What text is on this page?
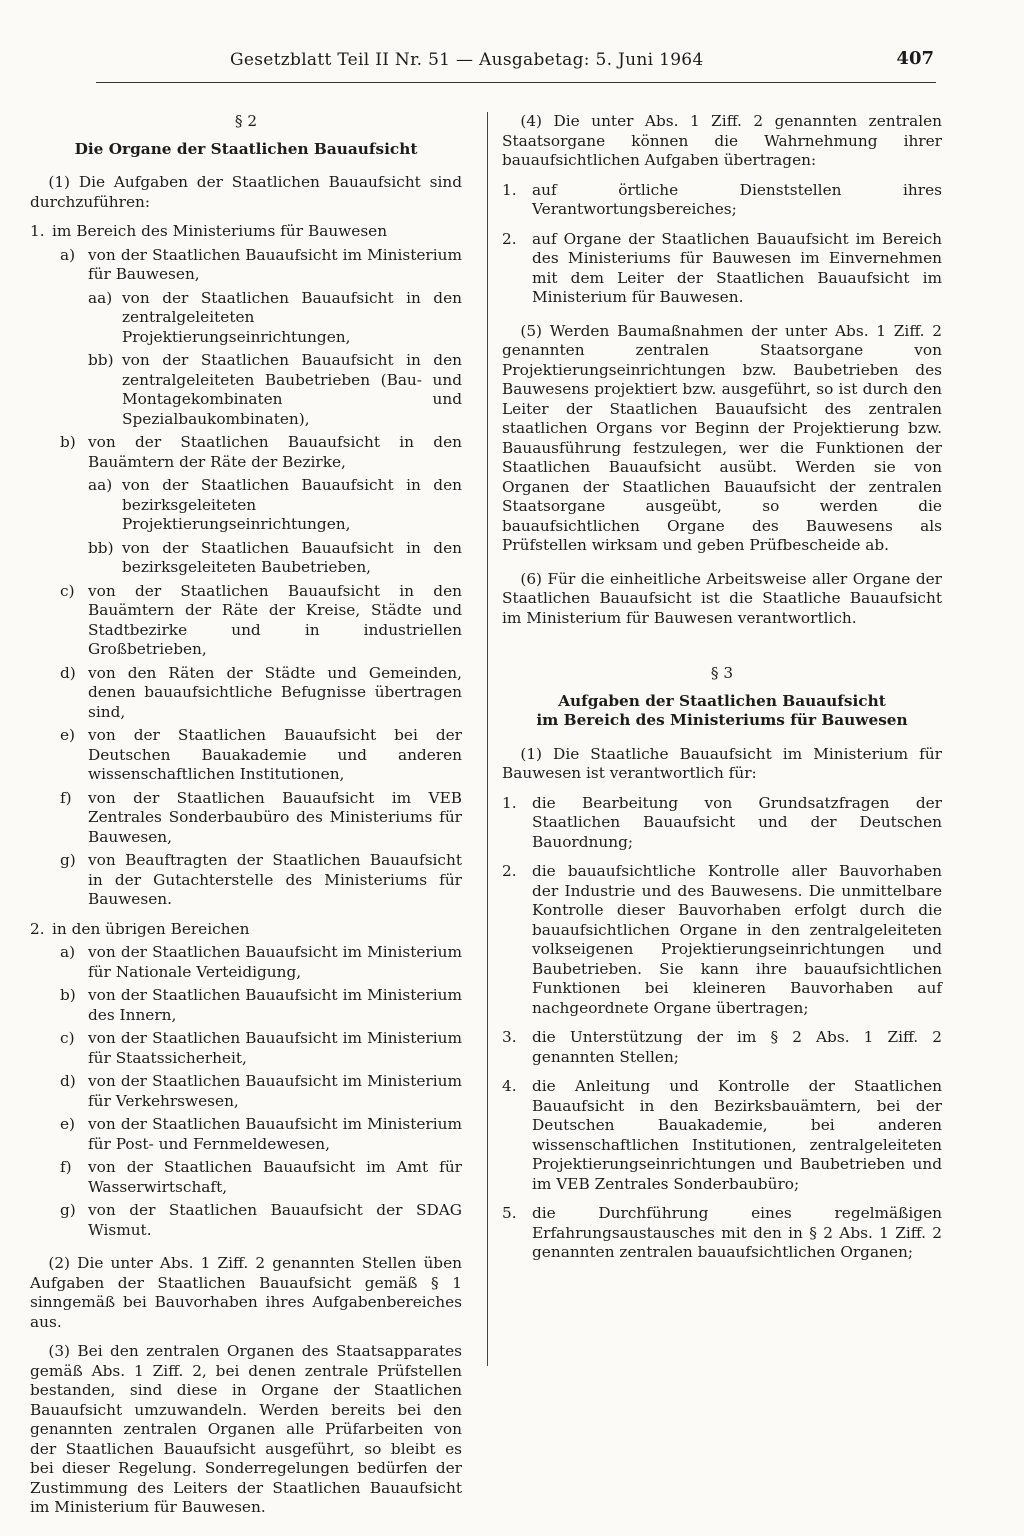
Gesetzblatt Teil II Nr. 51 — Ausgabetag: 5. Juni 1964	407

§ 2

Die Organe der Staatlichen Bauaufsicht

(1) Die Aufgaben der Staatlichen Bauaufsicht sind durchzuführen:

1. im Bereich des Ministeriums für Bauwesen
a) von der Staatlichen Bauaufsicht im Ministerium für Bauwesen,
aa) von der Staatlichen Bauaufsicht in den zentralgeleiteten Projektierungseinrichtungen,
bb) von der Staatlichen Bauaufsicht in den zentralgeleiteten Baubetrieben (Bau- und Montagekombinaten und Spezialbaukombinaten),
b) von der Staatlichen Bauaufsicht in den Bauämtern der Räte der Bezirke,
aa) von der Staatlichen Bauaufsicht in den bezirksgeleiteten Projektierungseinrichtungen,
bb) von der Staatlichen Bauaufsicht in den bezirksgeleiteten Baubetrieben,
c) von der Staatlichen Bauaufsicht in den Bauämtern der Räte der Kreise, Städte und Stadtbezirke und in industriellen Großbetrieben,
d) von den Räten der Städte und Gemeinden, denen bauaufsichtliche Befugnisse übertragen sind,
e) von der Staatlichen Bauaufsicht bei der Deutschen Bauakademie und anderen wissenschaftlichen Institutionen,
f) von der Staatlichen Bauaufsicht im VEB Zentrales Sonderbaubüro des Ministeriums für Bauwesen,
g) von Beauftragten der Staatlichen Bauaufsicht in der Gutachterstelle des Ministeriums für Bauwesen.
2. in den übrigen Bereichen
a) von der Staatlichen Bauaufsicht im Ministerium für Nationale Verteidigung,
b) von der Staatlichen Bauaufsicht im Ministerium des Innern,
c) von der Staatlichen Bauaufsicht im Ministerium für Staatssicherheit,
d) von der Staatlichen Bauaufsicht im Ministerium für Verkehrswesen,
e) von der Staatlichen Bauaufsicht im Ministerium für Post- und Fernmeldewesen,
f) von der Staatlichen Bauaufsicht im Amt für Wasserwirtschaft,
g) von der Staatlichen Bauaufsicht der SDAG Wismut.

(2) Die unter Abs. 1 Ziff. 2 genannten Stellen üben Aufgaben der Staatlichen Bauaufsicht gemäß § 1 sinngemäß bei Bauvorhaben ihres Aufgabenbereiches aus.

(3) Bei den zentralen Organen des Staatsapparates gemäß Abs. 1 Ziff. 2, bei denen zentrale Prüfstellen bestanden, sind diese in Organe der Staatlichen Bauaufsicht umzuwandeln. Werden bereits bei den genannten zentralen Organen alle Prüfarbeiten von der Staatlichen Bauaufsicht ausgeführt, so bleibt es bei dieser Regelung. Sonderregelungen bedürfen der Zustimmung des Leiters der Staatlichen Bauaufsicht im Ministerium für Bauwesen.

(4) Die unter Abs. 1 Ziff. 2 genannten zentralen Staatsorgane können die Wahrnehmung ihrer bauaufsichtlichen Aufgaben übertragen:

1. auf örtliche Dienststellen ihres Verantwortungsbereiches;
2. auf Organe der Staatlichen Bauaufsicht im Bereich des Ministeriums für Bauwesen im Einvernehmen mit dem Leiter der Staatlichen Bauaufsicht im Ministerium für Bauwesen.

(5) Werden Baumaßnahmen der unter Abs. 1 Ziff. 2 genannten zentralen Staatsorgane von Projektierungseinrichtungen bzw. Baubetrieben des Bauwesens projektiert bzw. ausgeführt, so ist durch den Leiter der Staatlichen Bauaufsicht des zentralen staatlichen Organs vor Beginn der Projektierung bzw. Bauausführung festzulegen, wer die Funktionen der Staatlichen Bauaufsicht ausübt. Werden sie von Organen der Staatlichen Bauaufsicht der zentralen Staatsorgane ausgeübt, so werden die bauaufsichtlichen Organe des Bauwesens als Prüfstellen wirksam und geben Prüfbescheide ab.

(6) Für die einheitliche Arbeitsweise aller Organe der Staatlichen Bauaufsicht ist die Staatliche Bauaufsicht im Ministerium für Bauwesen verantwortlich.

§ 3

Aufgaben der Staatlichen Bauaufsicht

im Bereich des Ministeriums für Bauwesen

(1) Die Staatliche Bauaufsicht im Ministerium für Bauwesen ist verantwortlich für:

1. die Bearbeitung von Grundsatzfragen der Staatlichen Bauaufsicht und der Deutschen Bauordnung;
2. die bauaufsichtliche Kontrolle aller Bauvorhaben der Industrie und des Bauwesens. Die unmittelbare Kontrolle dieser Bauvorhaben erfolgt durch die bauaufsichtlichen Organe in den zentralgeleiteten volkseigenen Projektierungseinrichtungen und Baubetrieben. Sie kann ihre bauaufsichtlichen Funktionen bei kleineren Bauvorhaben auf nachgeordnete Organe übertragen;
3. die Unterstützung der im § 2 Abs. 1 Ziff. 2 genannten Stellen;
4. die Anleitung und Kontrolle der Staatlichen Bauaufsicht in den Bezirksbauämtern, bei der Deutschen Bauakademie, bei anderen wissenschaftlichen Institutionen, zentralgeleiteten Projektierungseinrichtungen und Baubetrieben und im VEB Zentrales Sonderbaubüro;
5. die Durchführung eines regelmäßigen Erfahrungsaustausches mit den in § 2 Abs. 1 Ziff. 2 genannten zentralen bauaufsichtlichen Organen;
